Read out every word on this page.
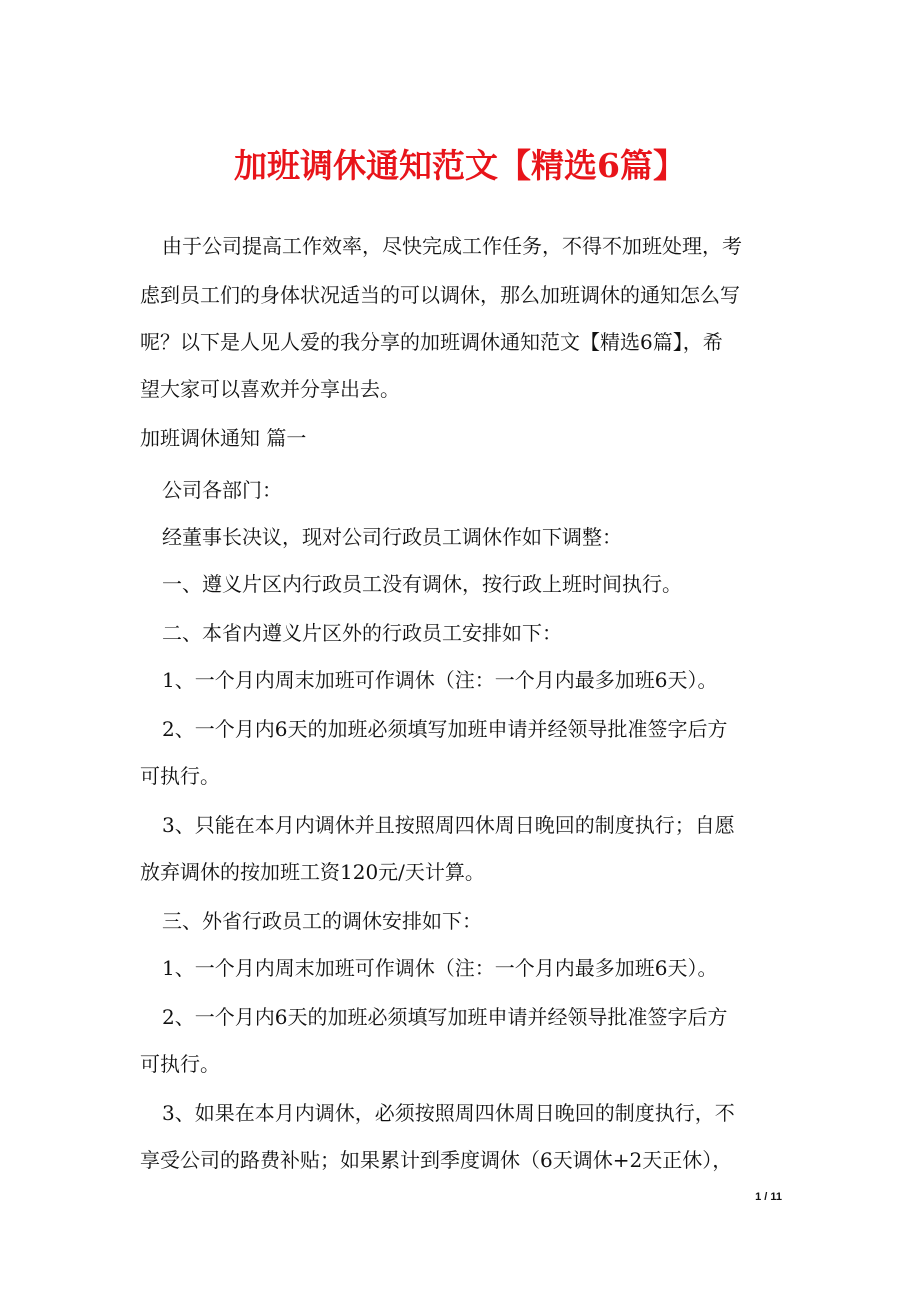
加班调休通知范文【精选6篇】
由于公司提高工作效率，尽快完成工作任务，不得不加班处理，考
虑到员工们的身体状况适当的可以调休，那么加班调休的通知怎么写
呢？以下是人见人爱的我分享的加班调休通知范文【精选6篇】，希
望大家可以喜欢并分享出去。
加班调休通知 篇一
公司各部门：
经董事长决议，现对公司行政员工调休作如下调整：
一、遵义片区内行政员工没有调休，按行政上班时间执行。
二、本省内遵义片区外的行政员工安排如下：
1、一个月内周末加班可作调休（注：一个月内最多加班6天）。
2、一个月内6天的加班必须填写加班申请并经领导批准签字后方
可执行。
3、只能在本月内调休并且按照周四休周日晚回的制度执行；自愿
放弃调休的按加班工资120元/天计算。
三、外省行政员工的调休安排如下：
1、一个月内周末加班可作调休（注：一个月内最多加班6天）。
2、一个月内6天的加班必须填写加班申请并经领导批准签字后方
可执行。
3、如果在本月内调休，必须按照周四休周日晚回的制度执行，不
享受公司的路费补贴；如果累计到季度调休（6天调休+2天正休），
1 / 11
